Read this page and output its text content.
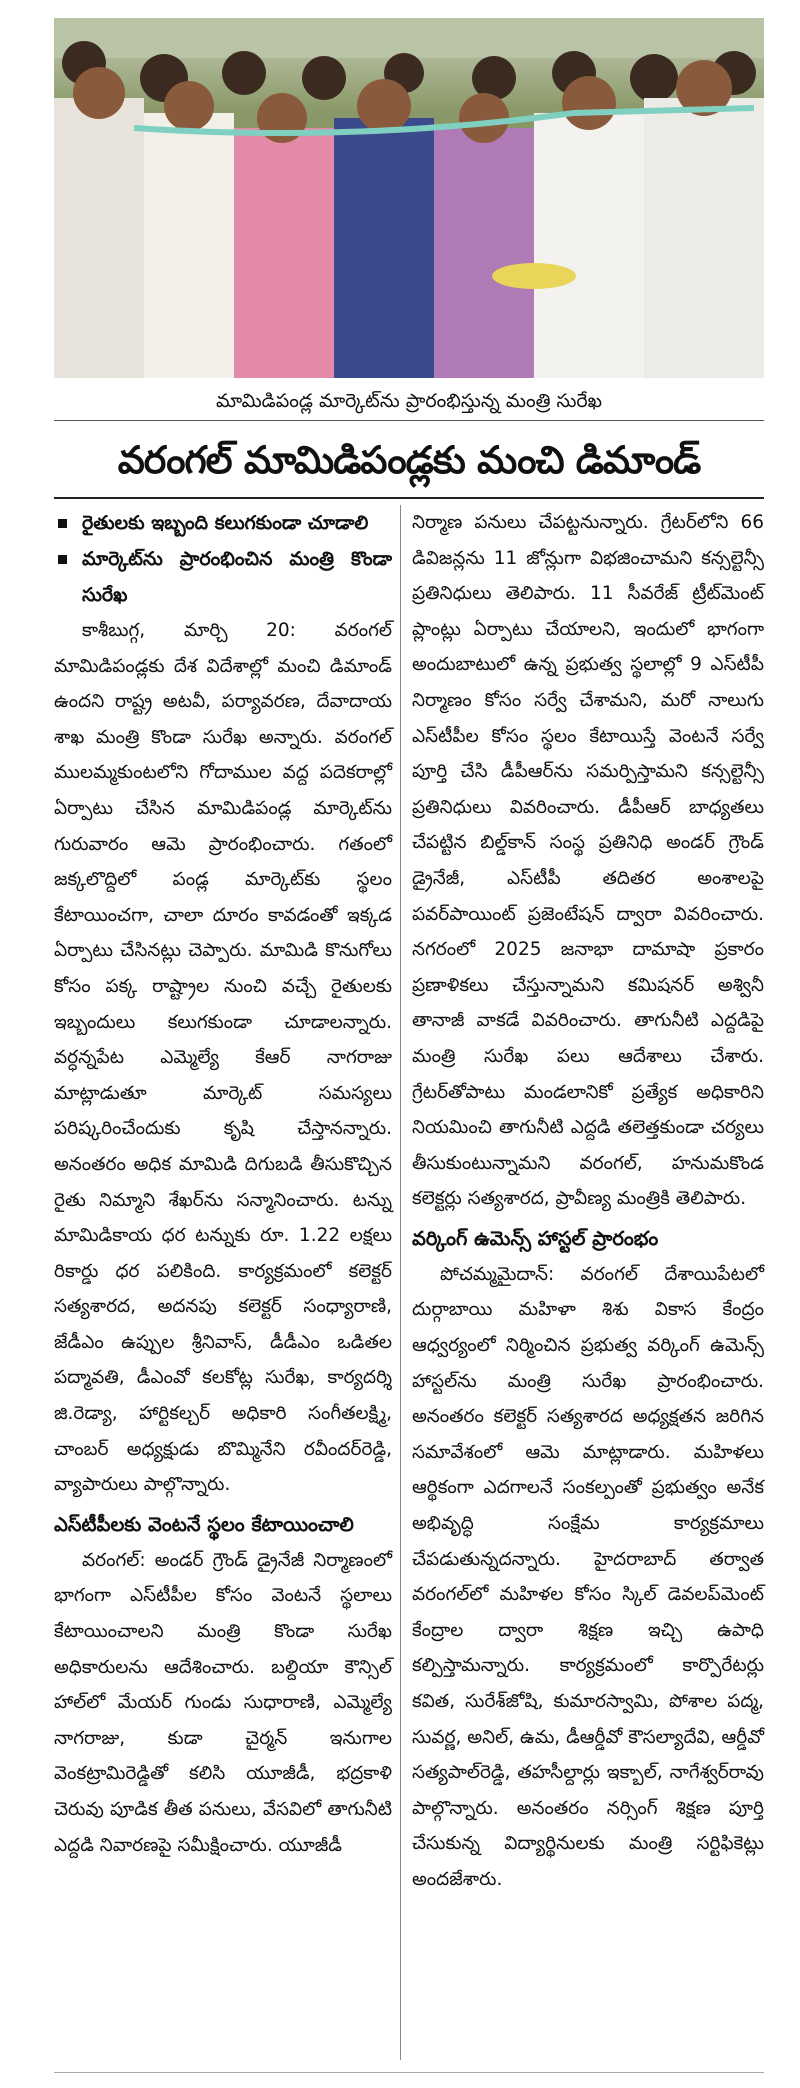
మామిడిపండ్ల మార్కెట్‌ను ప్రారంభిస్తున్న మంత్రి సురేఖ
వరంగల్ మామిడిపండ్లకు మంచి డిమాండ్
రైతులకు ఇబ్బంది కలుగకుండా చూడాలి
మార్కెట్‌ను ప్రారంభించిన మంత్రి కొండా సురేఖ

కాశీబుగ్గ, మార్చి 20: వరంగల్ మామిడిపండ్లకు దేశ విదేశాల్లో మంచి డిమాండ్ ఉందని రాష్ట్ర అటవీ, పర్యావరణ, దేవాదాయ శాఖ మంత్రి కొండా సురేఖ అన్నారు. వరంగల్ ములమ్మకుంటలోని గోదాముల వద్ద పదెకరాల్లో ఏర్పాటు చేసిన మామిడిపండ్ల మార్కెట్‌ను గురువారం ఆమె ప్రారంభించారు. గతంలో జక్కలొద్దిలో పండ్ల మార్కెట్‌కు స్థలం కేటాయించగా, చాలా దూరం కావడంతో ఇక్కడ ఏర్పాటు చేసినట్లు చెప్పారు. మామిడి కొనుగోలు కోసం పక్క రాష్ట్రాల నుంచి వచ్చే రైతులకు ఇబ్బందులు కలుగకుండా చూడాలన్నారు. వర్ధన్నపేట ఎమ్మెల్యే కేఆర్ నాగరాజు మాట్లాడుతూ మార్కెట్ సమస్యలు పరిష్కరించేందుకు కృషి చేస్తానన్నారు. అనంతరం అధిక మామిడి దిగుబడి తీసుకొచ్చిన రైతు నిమ్మాని శేఖర్‌ను సన్మానించారు. టన్ను మామిడికాయ ధర టన్నుకు రూ. 1.22 లక్షలు రికార్డు ధర పలికింది. కార్యక్రమంలో కలెక్టర్ సత్యశారద, అదనపు కలెక్టర్ సంధ్యారాణి, జేడీఎం ఉప్పుల శ్రీనివాస్, డీడీఎం ఒడితల పద్మావతి, డీఎంవో కలకోట్ల సురేఖ, కార్యదర్శి జి.రెడ్యా, హార్టికల్చర్ అధికారి సంగీతలక్ష్మి, చాంబర్ అధ్యక్షుడు బొమ్మినేని రవీందర్‌రెడ్డి, వ్యాపారులు పాల్గొన్నారు.

ఎస్‌టీపీలకు వెంటనే స్థలం కేటాయించాలి

వరంగల్: అండర్ గ్రౌండ్ డ్రైనేజీ నిర్మాణంలో భాగంగా ఎస్‌టీపీల కోసం వెంటనే స్థలాలు కేటాయించాలని మంత్రి కొండా సురేఖ అధికారులను ఆదేశించారు. బల్దియా కౌన్సిల్ హాల్‌లో మేయర్ గుండు సుధారాణి, ఎమ్మెల్యే నాగరాజు, కుడా చైర్మన్ ఇనుగాల వెంకట్రామిరెడ్డితో కలిసి యూజీడీ, భద్రకాళి చెరువు పూడిక తీత పనులు, వేసవిలో తాగునీటి ఎద్దడి నివారణపై సమీక్షించారు. యూజీడీ

నిర్మాణ పనులు చేపట్టనున్నారు. గ్రేటర్‌లోని 66 డివిజన్లను 11 జోన్లుగా విభజించామని కన్సల్టెన్సీ ప్రతినిధులు తెలిపారు. 11 సీవరేజ్ ట్రీట్‌మెంట్ ప్లాంట్లు ఏర్పాటు చేయాలని, ఇందులో భాగంగా అందుబాటులో ఉన్న ప్రభుత్వ స్థలాల్లో 9 ఎస్‌టీపీ నిర్మాణం కోసం సర్వే చేశామని, మరో నాలుగు ఎస్‌టీపీల కోసం స్థలం కేటాయిస్తే వెంటనే సర్వే పూర్తి చేసి డీపీఆర్‌ను సమర్పిస్తామని కన్సల్టెన్సీ ప్రతినిధులు వివరించారు. డీపీఆర్ బాధ్యతలు చేపట్టిన బిల్డ్‌కాన్ సంస్థ ప్రతినిధి అండర్ గ్రౌండ్ డ్రైనేజీ, ఎస్‌టీపీ తదితర అంశాలపై పవర్‌పాయింట్ ప్రజెంటేషన్ ద్వారా వివరించారు. నగరంలో 2025 జనాభా దామాషా ప్రకారం ప్రణాళికలు చేస్తున్నామని కమిషనర్ అశ్వినీ తానాజీ వాకడే వివరించారు. తాగునీటి ఎద్దడిపై మంత్రి సురేఖ పలు ఆదేశాలు చేశారు. గ్రేటర్‌తోపాటు మండలానికో ప్రత్యేక అధికారిని నియమించి తాగునీటి ఎద్దడి తలెత్తకుండా చర్యలు తీసుకుంటున్నామని వరంగల్, హనుమకొండ కలెక్టర్లు సత్యశారద, ప్రావీణ్య మంత్రికి తెలిపారు.

వర్కింగ్ ఉమెన్స్ హాస్టల్ ప్రారంభం

పోచమ్మమైదాన్: వరంగల్ దేశాయిపేటలో దుర్గాబాయి మహిళా శిశు వికాస కేంద్రం ఆధ్వర్యంలో నిర్మించిన ప్రభుత్వ వర్కింగ్ ఉమెన్స్ హాస్టల్‌ను మంత్రి సురేఖ ప్రారంభించారు. అనంతరం కలెక్టర్ సత్యశారద అధ్యక్షతన జరిగిన సమావేశంలో ఆమె మాట్లాడారు. మహిళలు ఆర్థికంగా ఎదగాలనే సంకల్పంతో ప్రభుత్వం అనేక అభివృద్ధి సంక్షేమ కార్యక్రమాలు చేపడుతున్నదన్నారు. హైదరాబాద్ తర్వాత వరంగల్‌లో మహిళల కోసం స్కిల్ డెవలప్‌మెంట్ కేంద్రాల ద్వారా శిక్షణ ఇచ్చి ఉపాధి కల్పిస్తామన్నారు. కార్యక్రమంలో కార్పొరేటర్లు కవిత, సురేశ్‌జోషి, కుమారస్వామి, పోశాల పద్మ, సువర్ణ, అనిల్, ఉమ, డీఆర్డీవో కౌసల్యాదేవి, ఆర్డీవో సత్యపాల్‌రెడ్డి, తహసీల్దార్లు ఇక్బాల్, నాగేశ్వర్‌రావు పాల్గొన్నారు. అనంతరం నర్సింగ్ శిక్షణ పూర్తి చేసుకున్న విద్యార్థినులకు మంత్రి సర్టిఫికెట్లు అందజేశారు.
